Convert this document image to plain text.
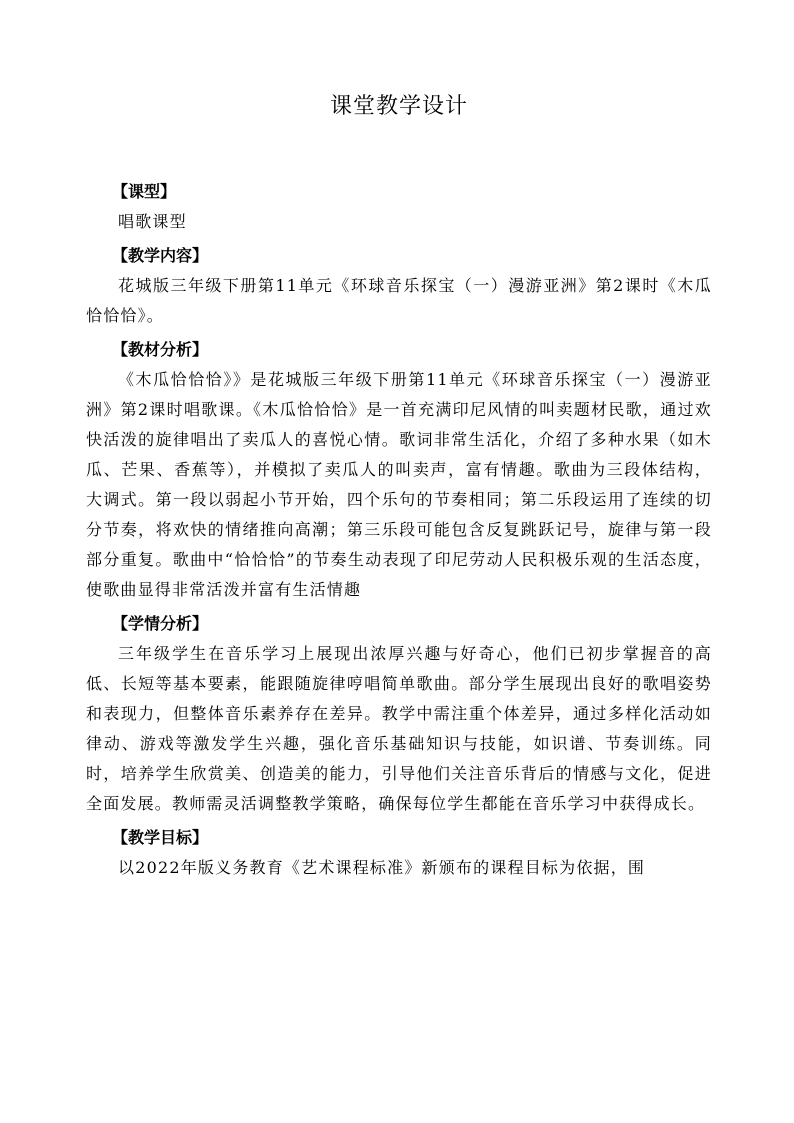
课堂教学设计
【课型】

唱歌课型

【教学内容】

花城版三年级下册第11单元《环球音乐探宝（一）漫游亚洲》第2课时《木瓜恰恰恰》。

【教材分析】

《木瓜恰恰恰》》是花城版三年级下册第11单元《环球音乐探宝（一）漫游亚洲》第2课时唱歌课。《木瓜恰恰恰》是一首充满印尼风情的叫卖题材民歌，通过欢快活泼的旋律唱出了卖瓜人的喜悦心情。歌词非常生活化，介绍了多种水果（如木瓜、芒果、香蕉等），并模拟了卖瓜人的叫卖声，富有情趣。歌曲为三段体结构，大调式。第一段以弱起小节开始，四个乐句的节奏相同；第二乐段运用了连续的切分节奏，将欢快的情绪推向高潮；第三乐段可能包含反复跳跃记号，旋律与第一段部分重复。歌曲中“恰恰恰”的节奏生动表现了印尼劳动人民积极乐观的生活态度，使歌曲显得非常活泼并富有生活情趣

【学情分析】

三年级学生在音乐学习上展现出浓厚兴趣与好奇心，他们已初步掌握音的高低、长短等基本要素，能跟随旋律哼唱简单歌曲。部分学生展现出良好的歌唱姿势和表现力，但整体音乐素养存在差异。教学中需注重个体差异，通过多样化活动如律动、游戏等激发学生兴趣，强化音乐基础知识与技能，如识谱、节奏训练。同时，培养学生欣赏美、创造美的能力，引导他们关注音乐背后的情感与文化，促进全面发展。教师需灵活调整教学策略，确保每位学生都能在音乐学习中获得成长。

【教学目标】

以2022年版义务教育《艺术课程标准》新颁布的课程目标为依据，围
